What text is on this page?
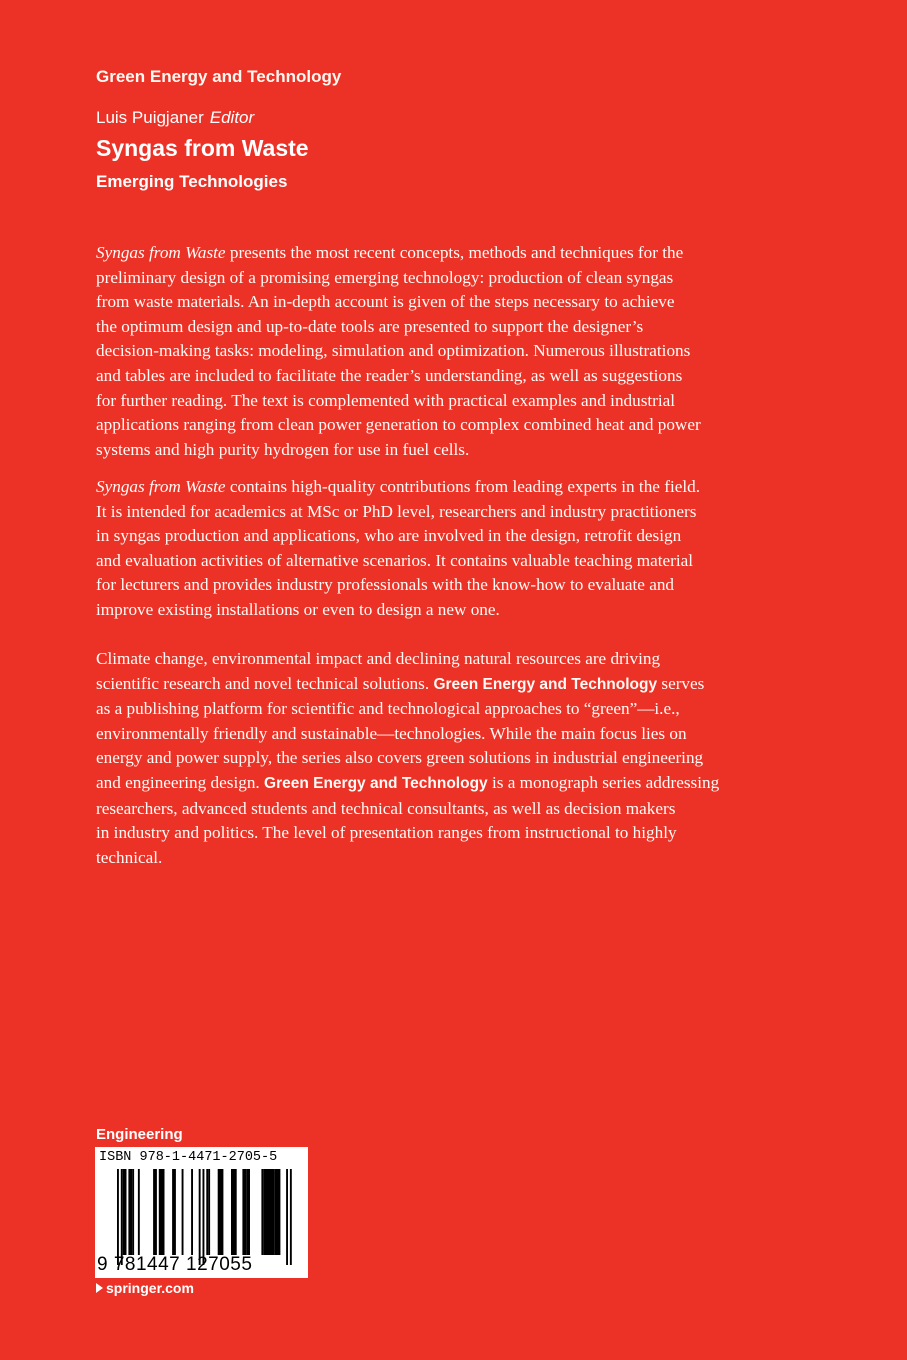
Green Energy and Technology
Luis Puigjaner Editor
Syngas from Waste
Emerging Technologies
Syngas from Waste presents the most recent concepts, methods and techniques for the
preliminary design of a promising emerging technology: production of clean syngas
from waste materials. An in-depth account is given of the steps necessary to achieve
the optimum design and up-to-date tools are presented to support the designer’s
decision-making tasks: modeling, simulation and optimization. Numerous illustrations
and tables are included to facilitate the reader’s understanding, as well as suggestions
for further reading. The text is complemented with practical examples and industrial
applications ranging from clean power generation to complex combined heat and power
systems and high purity hydrogen for use in fuel cells.
Syngas from Waste contains high-quality contributions from leading experts in the field.
It is intended for academics at MSc or PhD level, researchers and industry practitioners
in syngas production and applications, who are involved in the design, retrofit design
and evaluation activities of alternative scenarios. It contains valuable teaching material
for lecturers and provides industry professionals with the know-how to evaluate and
improve existing installations or even to design a new one.
Climate change, environmental impact and declining natural resources are driving
scientific research and novel technical solutions. Green Energy and Technology serves
as a publishing platform for scientific and technological approaches to “green”—i.e.,
environmentally friendly and sustainable—technologies. While the main focus lies on
energy and power supply, the series also covers green solutions in industrial engineering
and engineering design. Green Energy and Technology is a monograph series addressing
researchers, advanced students and technical consultants, as well as decision makers
in industry and politics. The level of presentation ranges from instructional to highly
technical.
Engineering
ISBN 978-1-4471-2705-5
9 781447 127055
springer.com
